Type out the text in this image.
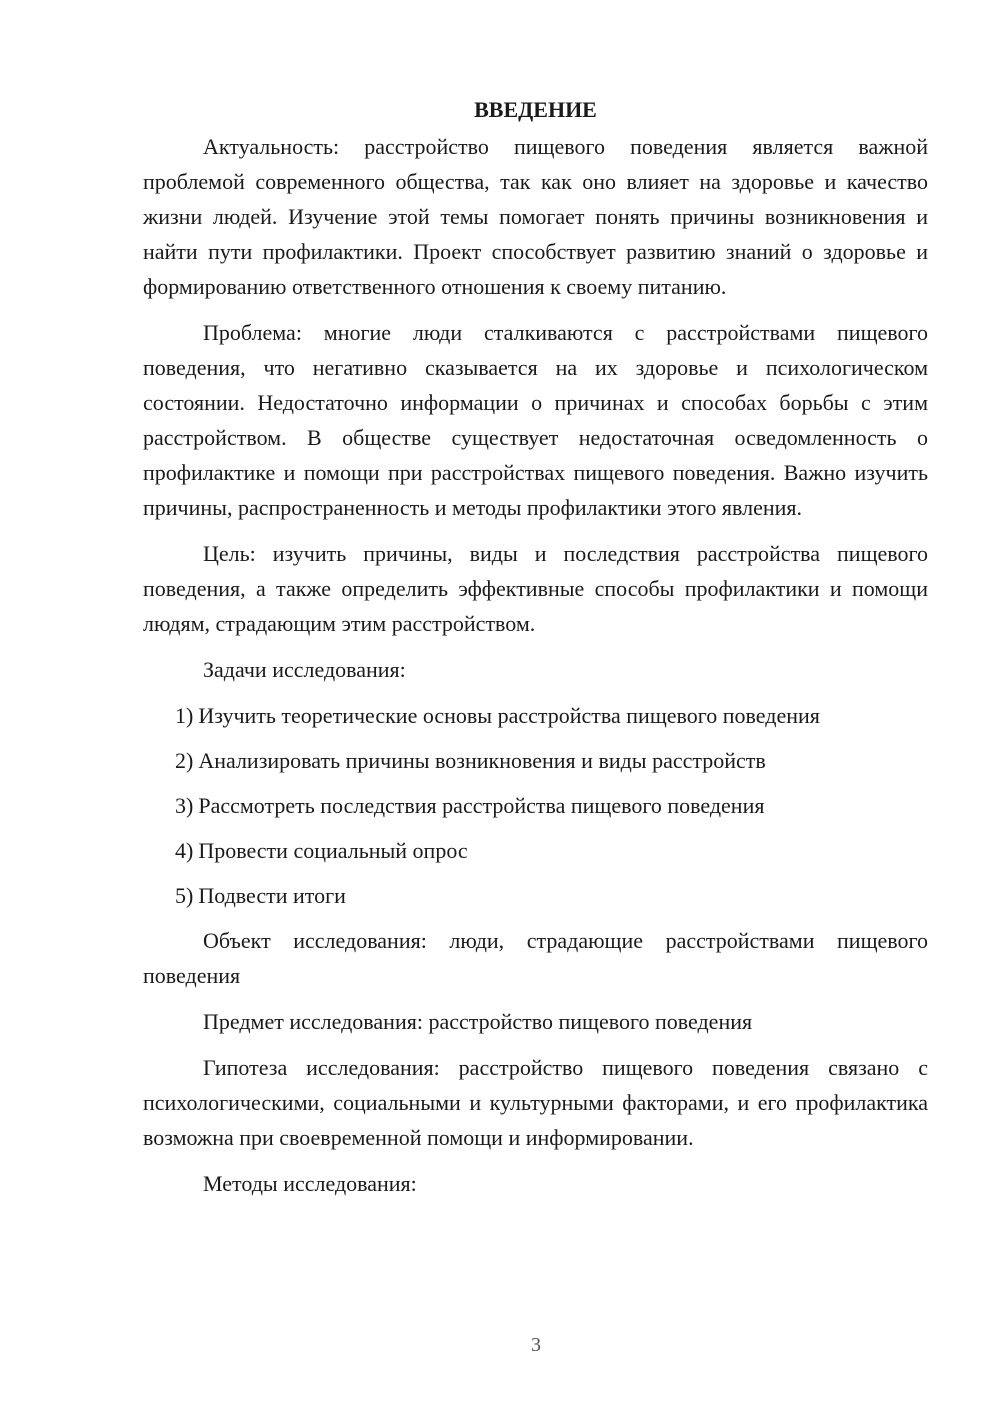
ВВЕДЕНИЕ

Актуальность: расстройство пищевого поведения является важной проблемой современного общества, так как оно влияет на здоровье и качество жизни людей. Изучение этой темы помогает понять причины возникновения и найти пути профилактики. Проект способствует развитию знаний о здоровье и формированию ответственного отношения к своему питанию.

Проблема: многие люди сталкиваются с расстройствами пищевого поведения, что негативно сказывается на их здоровье и психологическом состоянии. Недостаточно информации о причинах и способах борьбы с этим расстройством. В обществе существует недостаточная осведомленность о профилактике и помощи при расстройствах пищевого поведения. Важно изучить причины, распространенность и методы профилактики этого явления.

Цель: изучить причины, виды и последствия расстройства пищевого поведения, а также определить эффективные способы профилактики и помощи людям, страдающим этим расстройством.

Задачи исследования:

1) Изучить теоретические основы расстройства пищевого поведения
2) Анализировать причины возникновения и виды расстройств
3) Рассмотреть последствия расстройства пищевого поведения
4) Провести социальный опрос
5) Подвести итоги

Объект исследования: люди, страдающие расстройствами пищевого поведения

Предмет исследования: расстройство пищевого поведения

Гипотеза исследования: расстройство пищевого поведения связано с психологическими, социальными и культурными факторами, и его профилактика возможна при своевременной помощи и информировании.

Методы исследования:

3
